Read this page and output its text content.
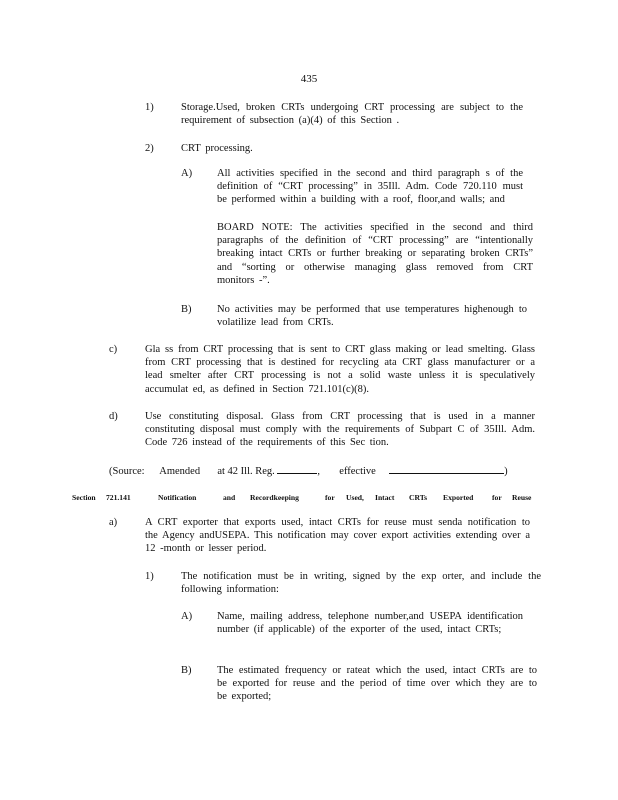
435
1)	Storage.Used, broken CRTs undergoing CRT processing are subject to the requirement of subsection (a)(4) of this Section .
2)	CRT processing.
A) All activities specified in the second and third paragraph s of the definition of “CRT processing” in 35Ill. Adm. Code 720.110 must be performed within a building with a roof, floor,and walls; and
BOARD NOTE: The activities specified in the second and third paragraphs of the definition of “CRT processing” are “intentionally breaking intact CRTs or further breaking or separating broken CRTs” and “sorting or otherwise managing glass removed from CRT monitors -”.
B) No activities may be performed that use temperatures highenough to volatilize lead from CRTs.
c)	Gla ss from CRT processing that is sent to CRT glass making or lead smelting. Glass from CRT processing that is destined for recycling ata CRT glass manufacturer or a lead smelter after CRT processing is not a solid waste unless it is speculatively accumulat ed, as defined in Section 721.101(c)(8).
d)	Use constituting disposal. Glass from CRT processing that is used in a manner constituting disposal must comply with the requirements of Subpart C of 35Ill. Adm. Code 726 instead of the requirements of this Sec tion.
(Source: Amended at 42 Ill. Reg.	, effective	)
Section 721.141	Notification	and Recordkeeping	for Used, Intact CRTs Exported for Reuse
a)	A CRT exporter that exports used, intact CRTs for reuse must senda notification to the Agency andUSEPA. This notification may cover export activities extending over a 12 -month or lesser period.
1)	The notification must be in writing, signed by the exp orter, and include the following information:
A) Name, mailing address, telephone number,and USEPA identification number (if applicable) of the exporter of the used, intact CRTs;
B) The estimated frequency or rateat which the used, intact CRTs are to be exported for reuse and the period of time over which they are to be exported;
